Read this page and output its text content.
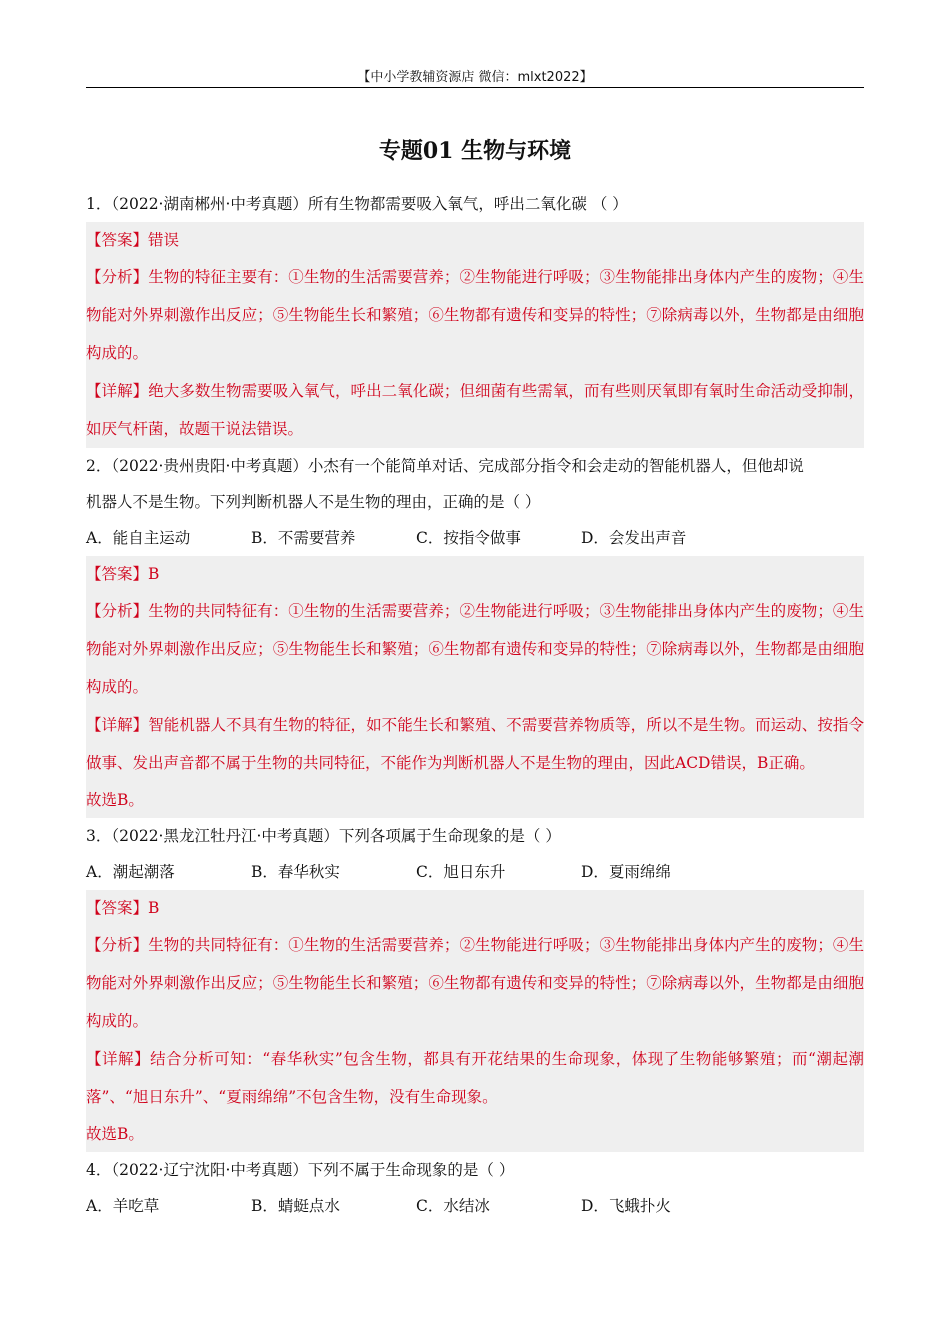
【中小学教辅资源店 微信：mlxt2022】
专题01 生物与环境

1．（2022·湖南郴州·中考真题）所有生物都需要吸入氧气，呼出二氧化碳 （ ）

【答案】错误

【分析】生物的特征主要有：①生物的生活需要营养；②生物能进行呼吸；③生物能排出身体内产生的废物；④生物能对外界刺激作出反应；⑤生物能生长和繁殖；⑥生物都有遗传和变异的特性；⑦除病毒以外，生物都是由细胞构成的。

【详解】绝大多数生物需要吸入氧气，呼出二氧化碳；但细菌有些需氧，而有些则厌氧即有氧时生命活动受抑制，如厌气杆菌，故题干说法错误。

2．（2022·贵州贵阳·中考真题）小杰有一个能简单对话、完成部分指令和会走动的智能机器人，但他却说

机器人不是生物。下列判断机器人不是生物的理由，正确的是（ ）

A．能自主运动	B．不需要营养	C．按指令做事	D．会发出声音

【答案】B

【分析】生物的共同特征有：①生物的生活需要营养；②生物能进行呼吸；③生物能排出身体内产生的废物；④生物能对外界刺激作出反应；⑤生物能生长和繁殖；⑥生物都有遗传和变异的特性；⑦除病毒以外，生物都是由细胞构成的。

【详解】智能机器人不具有生物的特征，如不能生长和繁殖、不需要营养物质等，所以不是生物。而运动、按指令做事、发出声音都不属于生物的共同特征，不能作为判断机器人不是生物的理由，因此ACD错误，B正确。

故选B。

3．（2022·黑龙江牡丹江·中考真题）下列各项属于生命现象的是（ ）

A．潮起潮落	B．春华秋实	C．旭日东升	D．夏雨绵绵

【答案】B

【分析】生物的共同特征有：①生物的生活需要营养；②生物能进行呼吸；③生物能排出身体内产生的废物；④生物能对外界刺激作出反应；⑤生物能生长和繁殖；⑥生物都有遗传和变异的特性；⑦除病毒以外，生物都是由细胞构成的。

【详解】结合分析可知：“春华秋实”包含生物，都具有开花结果的生命现象，体现了生物能够繁殖；而“潮起潮落”、“旭日东升”、“夏雨绵绵”不包含生物，没有生命现象。

故选B。

4．（2022·辽宁沈阳·中考真题）下列不属于生命现象的是（ ）

A．羊吃草	B．蜻蜓点水	C．水结冰	D．飞蛾扑火
